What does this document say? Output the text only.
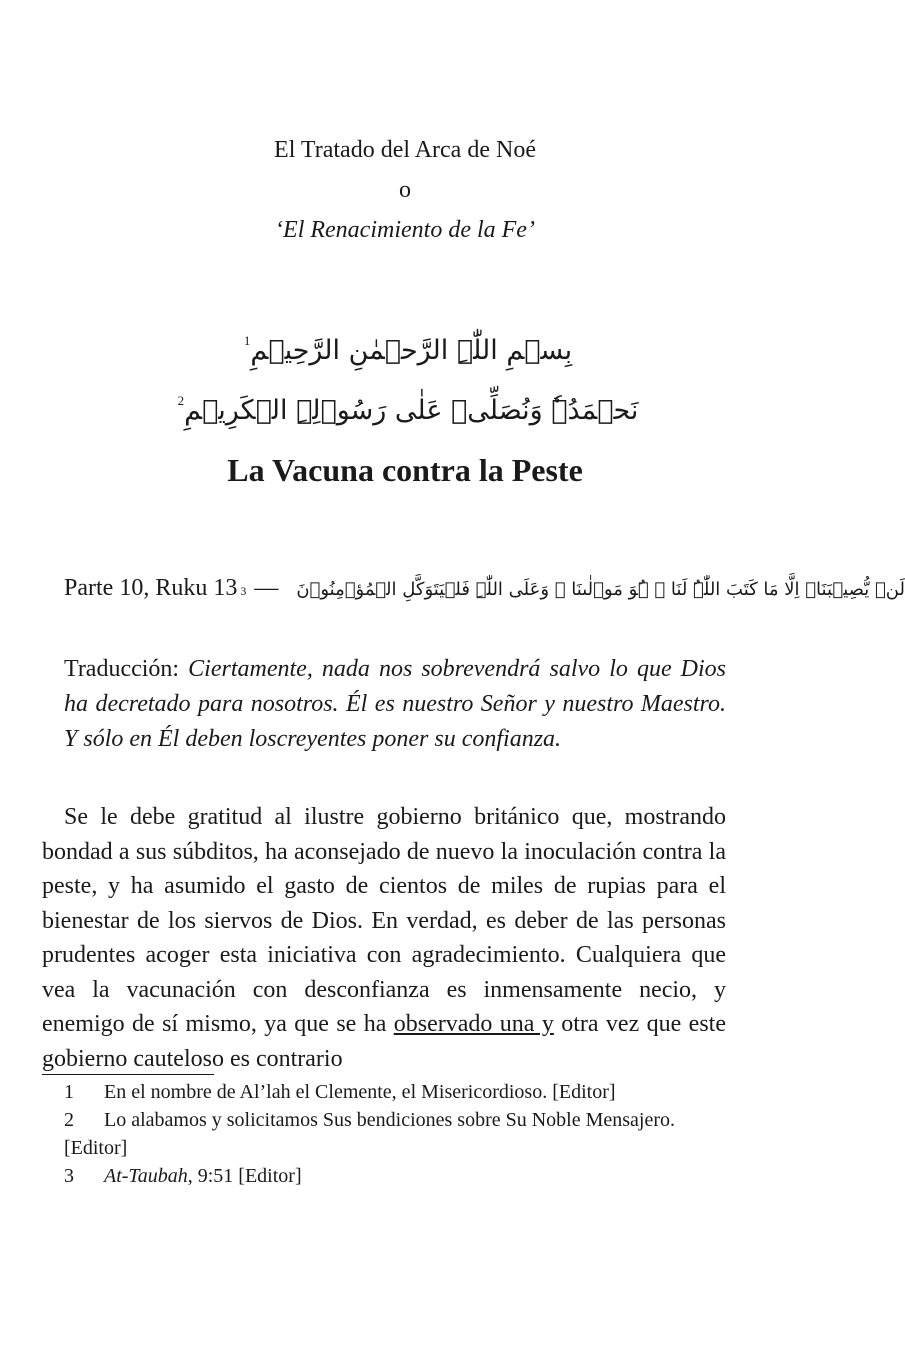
El Tratado del Arca de Noé
o
‘El Renacimiento de la Fe’
بِسۡمِ اللّٰہِ الرَّحۡمٰنِ الرَّحِیۡمِ$^1$
نَحۡمَدُہٗ وَنُصَلِّیۡ عَلٰی رَسُوۡلِہِ الۡکَرِیۡمِ$^2$
La Vacuna contra la Peste
Parte 10, Ruku 13 3 — لَنۡ یُّصِیۡبَنَاۤ اِلَّا مَا کَتَبَ اللّٰہُ لَنَا ۚ ہُوَ مَوۡلٰىنَا ۚ وَعَلَی اللّٰہِ فَلۡیَتَوَکَّلِ الۡمُؤۡمِنُوۡنَ
Traducción: Ciertamente, nada nos sobrevendrá salvo lo que Dios ha decretado para nosotros. Él es nuestro Señor y nuestro Maestro. Y sólo en Él deben loscreyentes poner su confianza.

Se le debe gratitud al ilustre gobierno británico que, mostrando bondad a sus súbditos, ha aconsejado de nuevo la inoculación contra la peste, y ha asumido el gasto de cientos de miles de rupias para el bienestar de los siervos de Dios. En verdad, es deber de las personas prudentes acoger esta iniciativa con agradecimiento. Cualquiera que vea la vacunación con desconfianza es inmensamente necio, y enemigo de sí mismo, ya que se ha observado una y otra vez que este gobierno cauteloso es contrario

1 En el nombre de Al’lah el Clemente, el Misericordioso. [Editor]

2 Lo alabamos y solicitamos Sus bendiciones sobre Su Noble Mensajero. [Editor]

3 At-Taubah, 9:51 [Editor]
